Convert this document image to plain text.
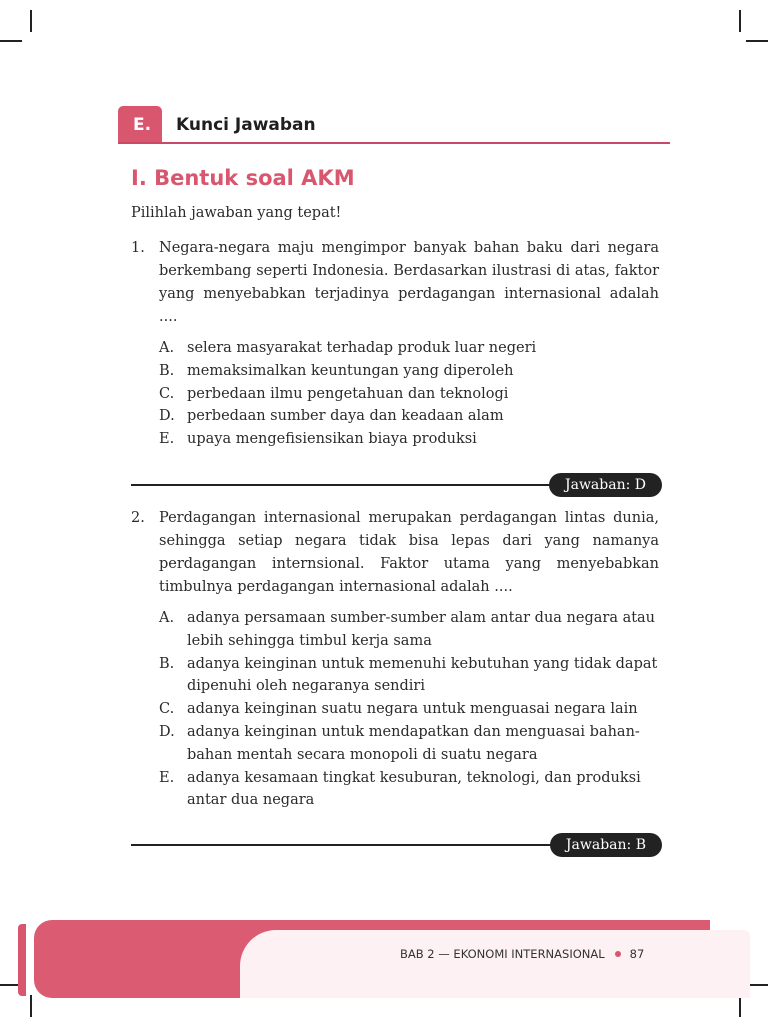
E.	Kunci Jawaban
I. Bentuk soal AKM
Pilihlah jawaban yang tepat!
1. Negara-negara maju mengimpor banyak bahan baku dari negara berkembang seperti Indonesia. Berdasarkan ilustrasi di atas, faktor yang menyebabkan terjadinya perdagangan internasional adalah ....
A. selera masyarakat terhadap produk luar negeri
B. memaksimalkan keuntungan yang diperoleh
C. perbedaan ilmu pengetahuan dan teknologi
D. perbedaan sumber daya dan keadaan alam
E. upaya mengefisiensikan biaya produksi
Jawaban: D
2. Perdagangan internasional merupakan perdagangan lintas dunia, sehingga setiap negara tidak bisa lepas dari yang namanya perdagangan internsional. Faktor utama yang menyebabkan timbulnya perdagangan internasional adalah ....
A. adanya persamaan sumber-sumber alam antar dua negara atau lebih sehingga timbul kerja sama
B. adanya keinginan untuk memenuhi kebutuhan yang tidak dapat dipenuhi oleh negaranya sendiri
C. adanya keinginan suatu negara untuk menguasai negara lain
D. adanya keinginan untuk mendapatkan dan menguasai bahan-bahan mentah secara monopoli di suatu negara
E. adanya kesamaan tingkat kesuburan, teknologi, dan produksi antar dua negara
Jawaban: B
BAB 2 — EKONOMI INTERNASIONAL 87
